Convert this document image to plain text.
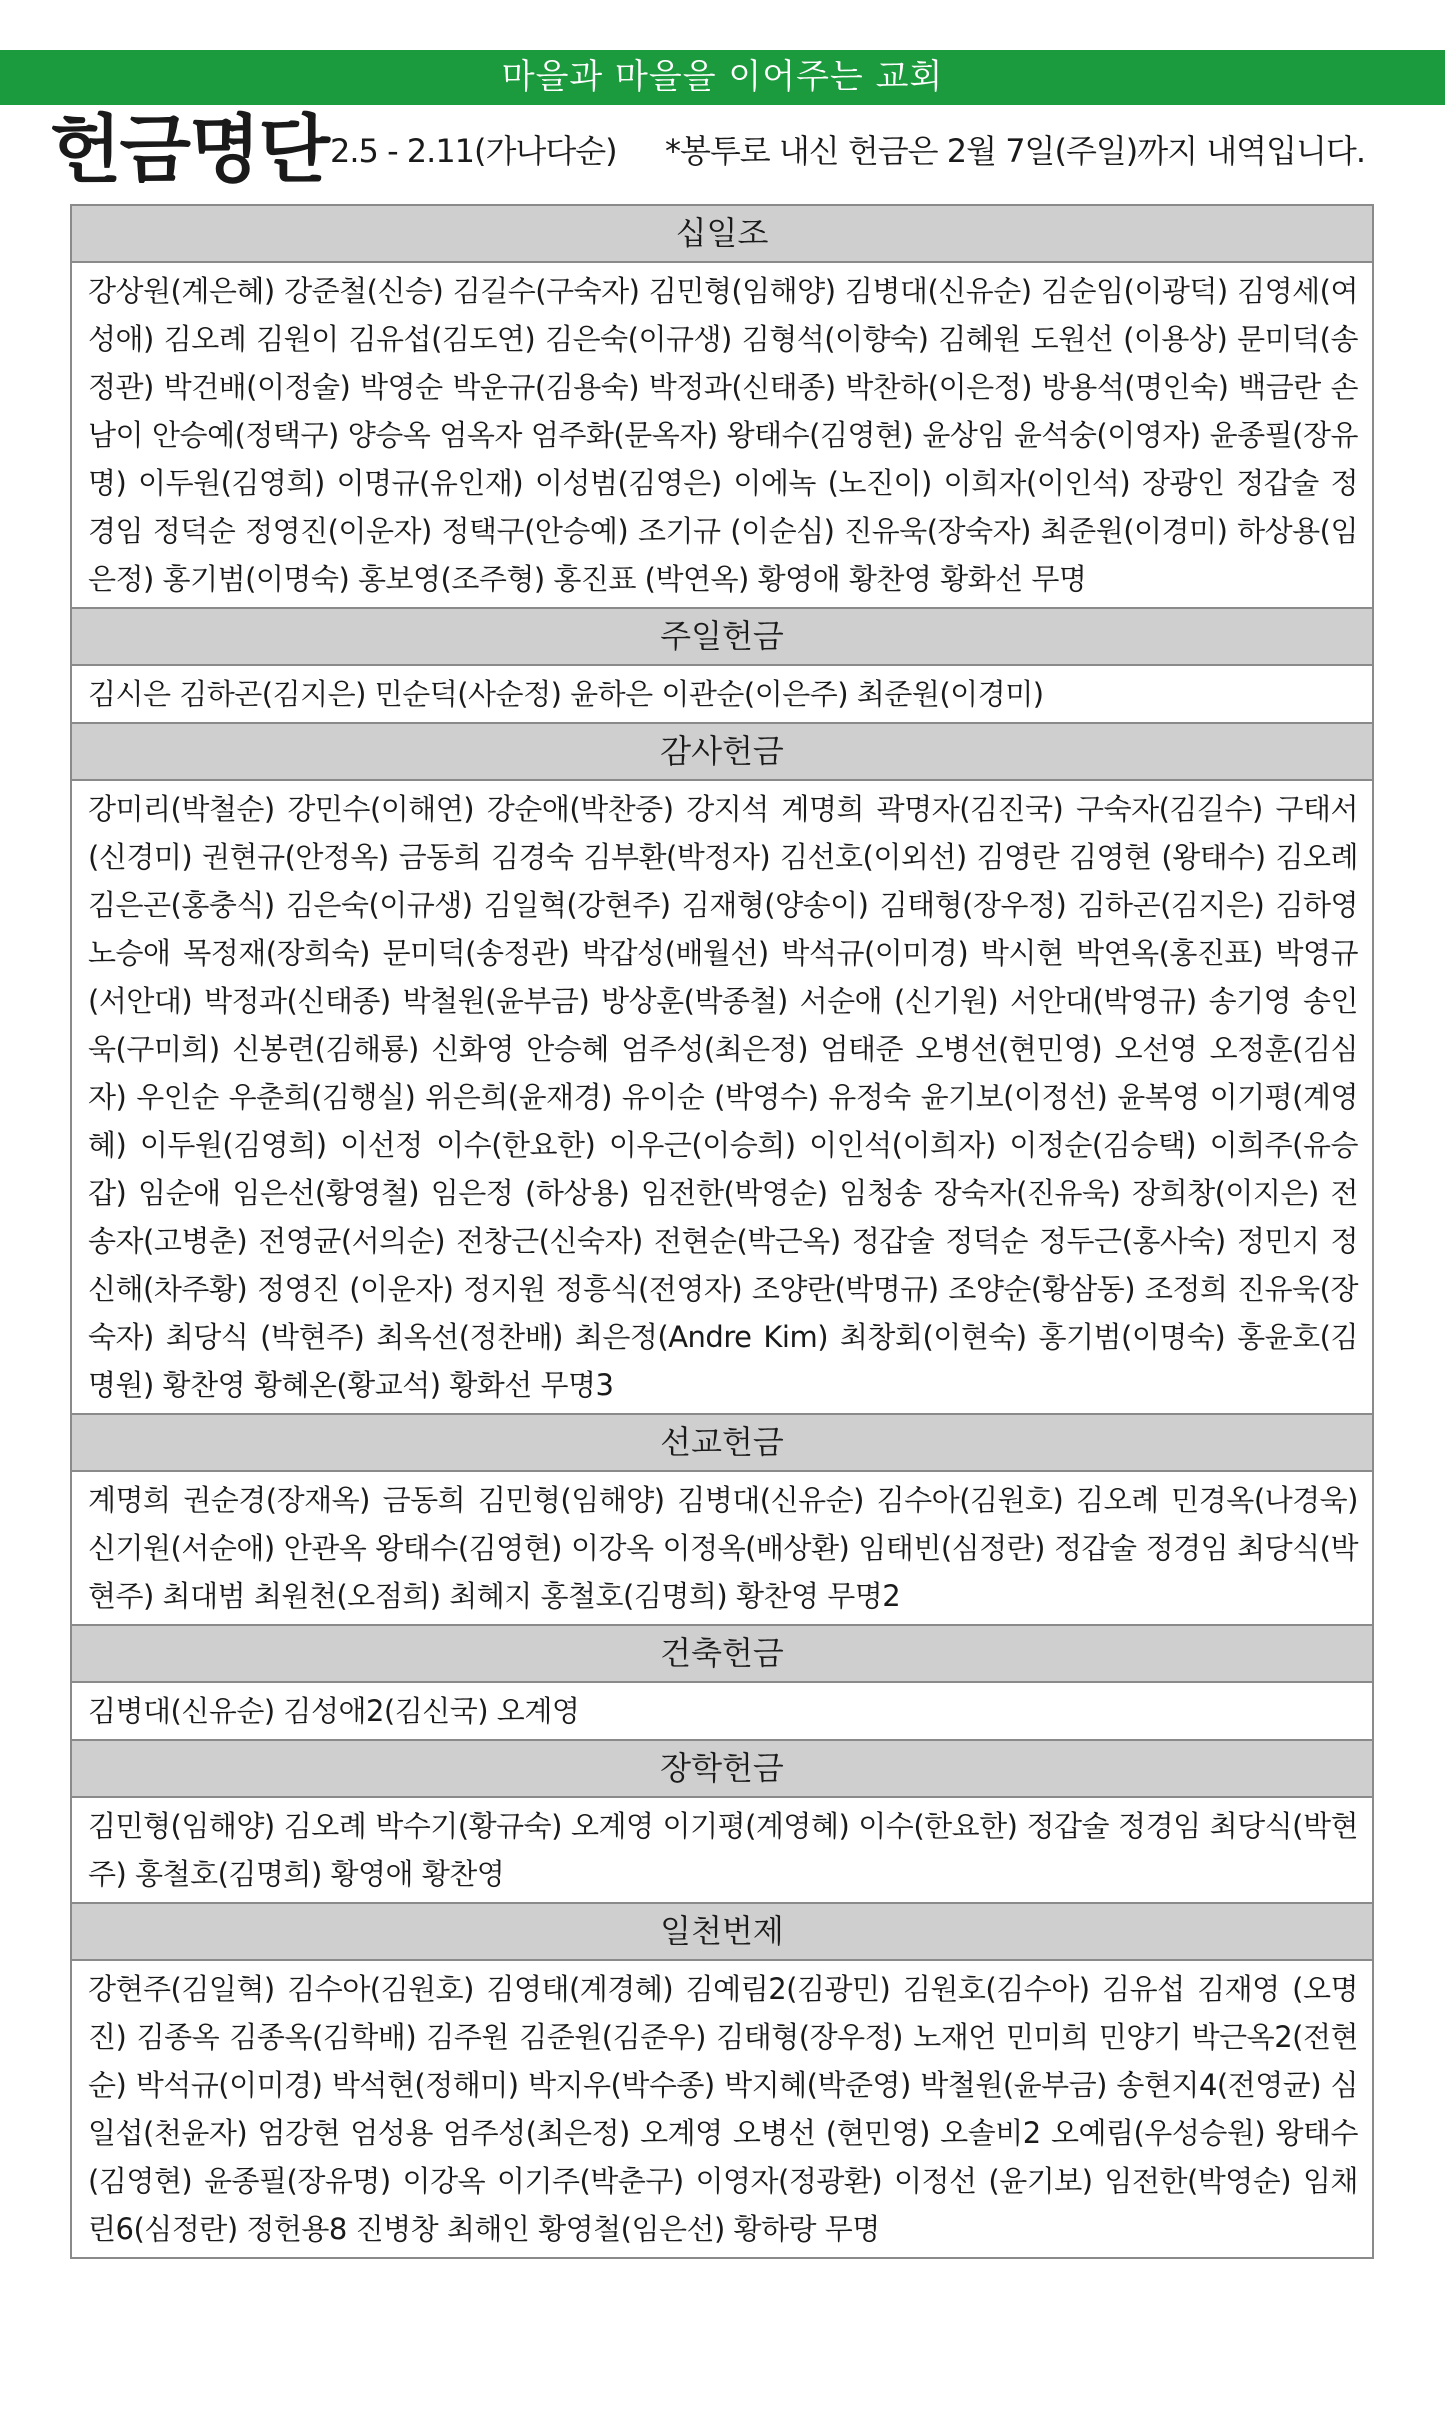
마을과 마을을 이어주는 교회
헌금명단 2.5 - 2.11(가나다순) *봉투로 내신 헌금은 2월 7일(주일)까지 내역입니다.
십일조
강상원(계은혜) 강준철(신승) 김길수(구숙자) 김민형(임해양) 김병대(신유순) 김순임(이광덕) 김영세(여성애) 김오례 김원이 김유섭(김도연) 김은숙(이규생) 김형석(이향숙) 김혜원 도원선 (이용상) 문미덕(송정관) 박건배(이정술) 박영순 박운규(김용숙) 박정과(신태종) 박찬하(이은정) 방용석(명인숙) 백금란 손남이 안승예(정택구) 양승옥 엄옥자 엄주화(문옥자) 왕태수(김영현) 윤상임 윤석숭(이영자) 윤종필(장유명) 이두원(김영희) 이명규(유인재) 이성범(김영은) 이에녹 (노진이) 이희자(이인석) 장광인 정갑술 정경임 정덕순 정영진(이운자) 정택구(안승예) 조기규 (이순심) 진유욱(장숙자) 최준원(이경미) 하상용(임은정) 홍기범(이명숙) 홍보영(조주형) 홍진표 (박연옥) 황영애 황찬영 황화선 무명
주일헌금
김시은 김하곤(김지은) 민순덕(사순정) 윤하은 이관순(이은주) 최준원(이경미)
감사헌금
강미리(박철순) 강민수(이해연) 강순애(박찬중) 강지석 계명희 곽명자(김진국) 구숙자(김길수) 구태서(신경미) 권현규(안정옥) 금동희 김경숙 김부환(박정자) 김선호(이외선) 김영란 김영현 (왕태수) 김오례 김은곤(홍충식) 김은숙(이규생) 김일혁(강현주) 김재형(양송이) 김태형(장우정) 김하곤(김지은) 김하영 노승애 목정재(장희숙) 문미덕(송정관) 박갑성(배월선) 박석규(이미경) 박시현 박연옥(홍진표) 박영규(서안대) 박정과(신태종) 박철원(윤부금) 방상훈(박종철) 서순애 (신기원) 서안대(박영규) 송기영 송인욱(구미희) 신봉련(김해룡) 신화영 안승혜 엄주성(최은정) 엄태준 오병선(현민영) 오선영 오정훈(김심자) 우인순 우춘희(김행실) 위은희(윤재경) 유이순 (박영수) 유정숙 윤기보(이정선) 윤복영 이기평(계영혜) 이두원(김영희) 이선정 이수(한요한) 이우근(이승희) 이인석(이희자) 이정순(김승택) 이희주(유승갑) 임순애 임은선(황영철) 임은정 (하상용) 임전한(박영순) 임청송 장숙자(진유욱) 장희창(이지은) 전송자(고병춘) 전영균(서의순) 전창근(신숙자) 전현순(박근옥) 정갑술 정덕순 정두근(홍사숙) 정민지 정신해(차주황) 정영진 (이운자) 정지원 정흥식(전영자) 조양란(박명규) 조양순(황삼동) 조정희 진유욱(장숙자) 최당식 (박현주) 최옥선(정찬배) 최은정(Andre Kim) 최창회(이현숙) 홍기범(이명숙) 홍윤호(김명원) 황찬영 황혜온(황교석) 황화선 무명3
선교헌금
계명희 권순경(장재옥) 금동희 김민형(임해양) 김병대(신유순) 김수아(김원호) 김오례 민경옥(나경욱) 신기원(서순애) 안관옥 왕태수(김영현) 이강옥 이정옥(배상환) 임태빈(심정란) 정갑술 정경임 최당식(박현주) 최대범 최원천(오점희) 최혜지 홍철호(김명희) 황찬영 무명2
건축헌금
김병대(신유순) 김성애2(김신국) 오계영
장학헌금
김민형(임해양) 김오례 박수기(황규숙) 오계영 이기평(계영혜) 이수(한요한) 정갑술 정경임 최당식(박현주) 홍철호(김명희) 황영애 황찬영
일천번제
강현주(김일혁) 김수아(김원호) 김영태(계경혜) 김예림2(김광민) 김원호(김수아) 김유섭 김재영 (오명진) 김종옥 김종옥(김학배) 김주원 김준원(김준우) 김태형(장우정) 노재언 민미희 민양기 박근옥2(전현순) 박석규(이미경) 박석현(정해미) 박지우(박수종) 박지혜(박준영) 박철원(윤부금) 송현지4(전영균) 심일섭(천윤자) 엄강현 엄성용 엄주성(최은정) 오계영 오병선 (현민영) 오솔비2 오예림(우성승원) 왕태수(김영현) 윤종필(장유명) 이강옥 이기주(박춘구) 이영자(정광환) 이정선 (윤기보) 임전한(박영순) 임채린6(심정란) 정헌용8 진병창 최해인 황영철(임은선) 황하랑 무명
